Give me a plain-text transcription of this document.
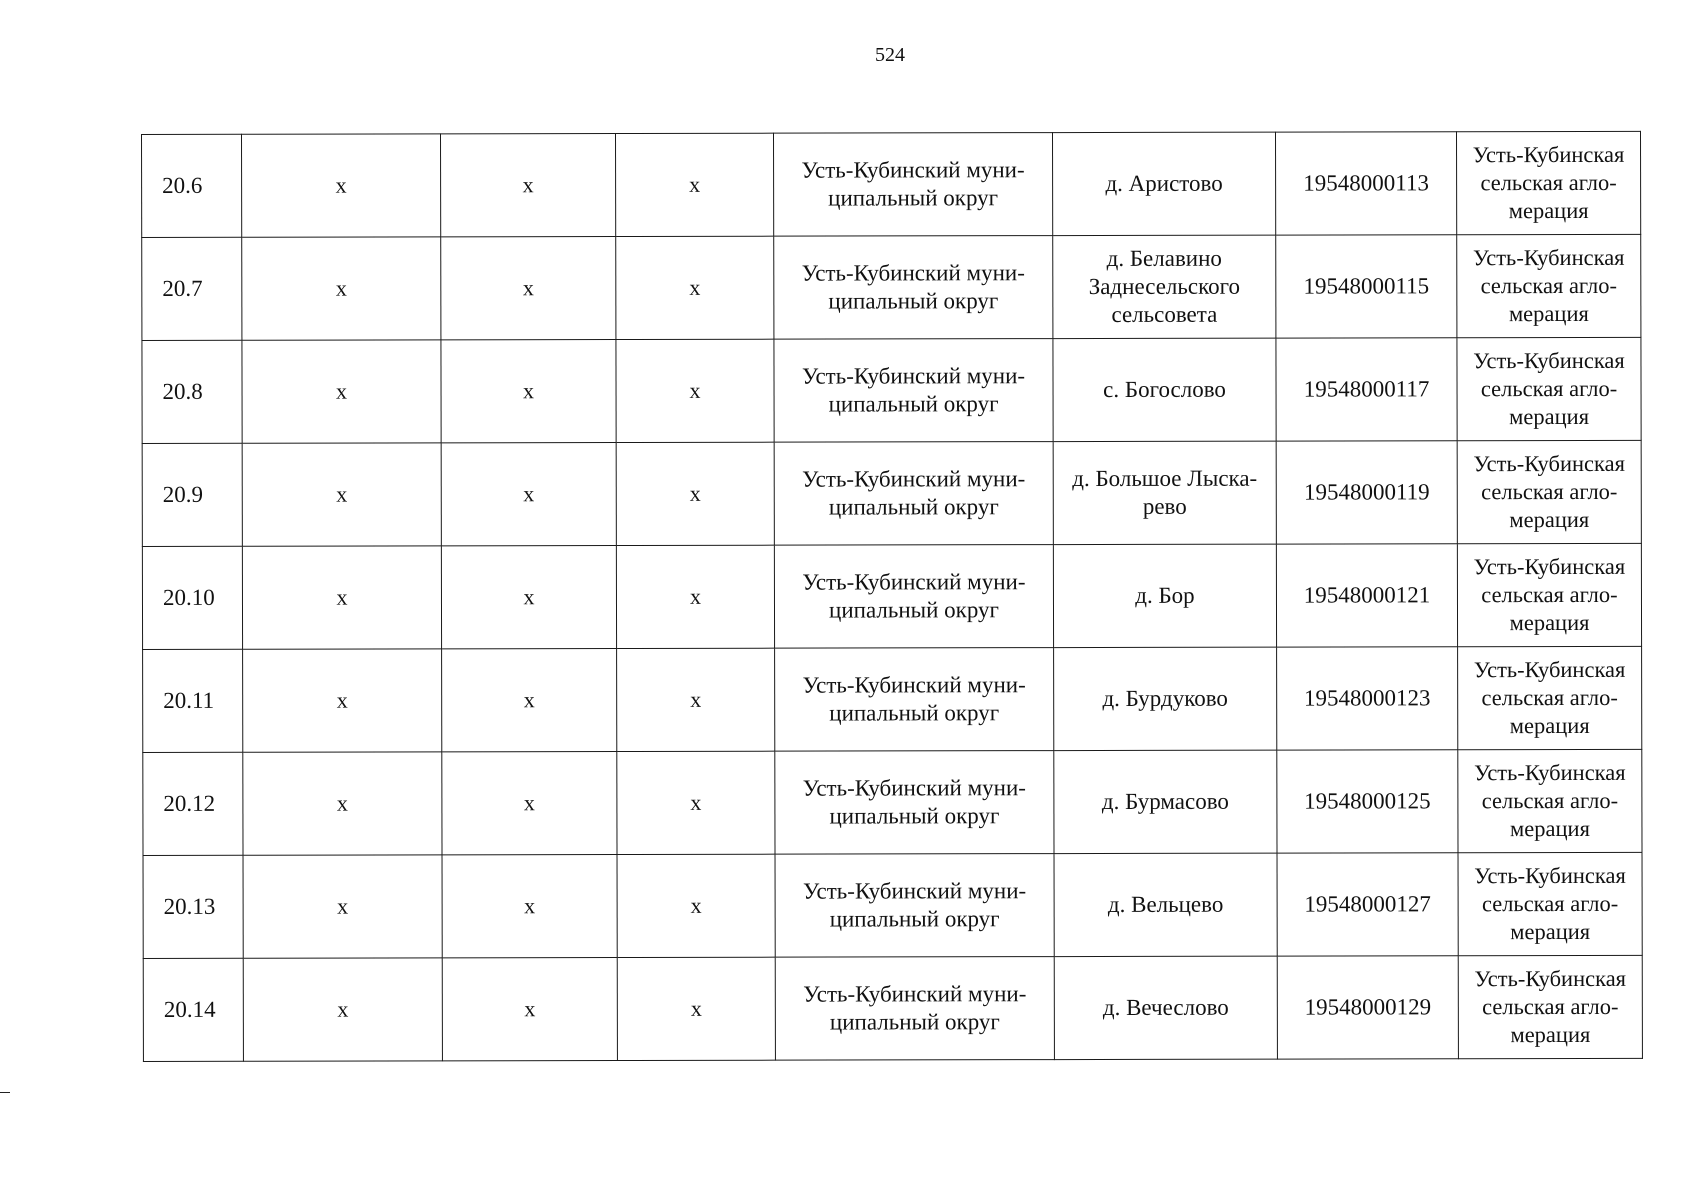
524
20.6	x	x	x	Усть-Кубинский муни-ципальный округ	д. Аристово	19548000113	Усть-Кубинская сельская агло-мерация
20.7	x	x	x	Усть-Кубинский муни-ципальный округ	д. Белавино Заднесельского сельсовета	19548000115	Усть-Кубинская сельская агло-мерация
20.8	x	x	x	Усть-Кубинский муни-ципальный округ	с. Богослово	19548000117	Усть-Кубинская сельская агло-мерация
20.9	x	x	x	Усть-Кубинский муни-ципальный округ	д. Большое Лыска-рево	19548000119	Усть-Кубинская сельская агло-мерация
20.10	x	x	x	Усть-Кубинский муни-ципальный округ	д. Бор	19548000121	Усть-Кубинская сельская агло-мерация
20.11	x	x	x	Усть-Кубинский муни-ципальный округ	д. Бурдуково	19548000123	Усть-Кубинская сельская агло-мерация
20.12	x	x	x	Усть-Кубинский муни-ципальный округ	д. Бурмасово	19548000125	Усть-Кубинская сельская агло-мерация
20.13	x	x	x	Усть-Кубинский муни-ципальный округ	д. Вельцево	19548000127	Усть-Кубинская сельская агло-мерация
20.14	x	x	x	Усть-Кубинский муни-ципальный округ	д. Вечеслово	19548000129	Усть-Кубинская сельская агло-мерация
